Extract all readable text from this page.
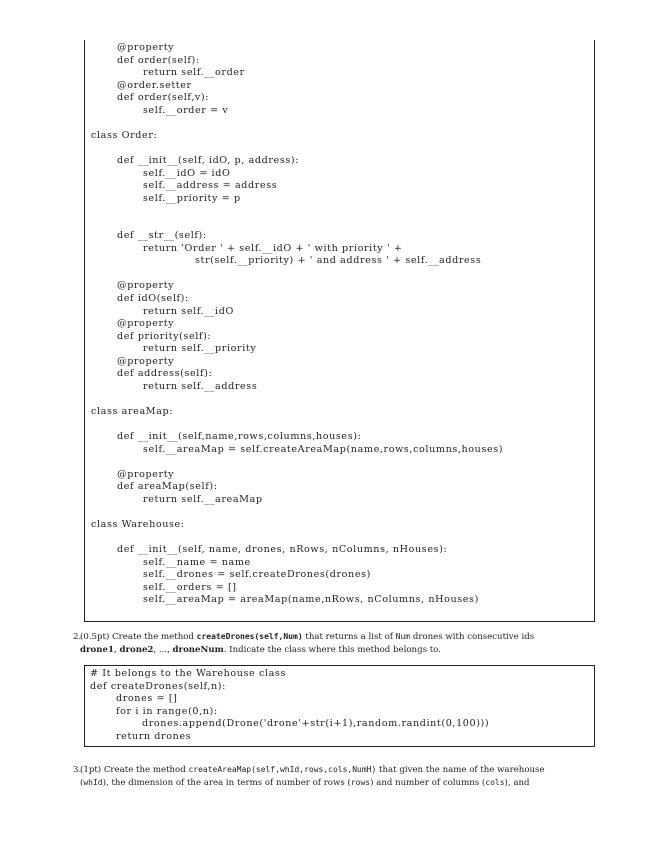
@property
def order(self):
return self.__order
@order.setter
def order(self,v):
self.__order = v
class Order:
def __init__(self, idO, p, address):
self.__idO = idO
self.__address = address
self.__priority = p
def __str__(self):
return 'Order ' + self.__idO + ' with priority ' +
str(self.__priority) + ' and address ' + self.__address
@property
def idO(self):
return self.__idO
@property
def priority(self):
return self.__priority
@property
def address(self):
return self.__address
class areaMap:
def __init__(self,name,rows,columns,houses):
self.__areaMap = self.createAreaMap(name,rows,columns,houses)
@property
def areaMap(self):
return self.__areaMap
class Warehouse:
def __init__(self, name, drones, nRows, nColumns, nHouses):
self.__name = name
self.__drones = self.createDrones(drones)
self.__orders = []
self.__areaMap = areaMap(name,nRows, nColumns, nHouses)
2.
(0.5pt) Create the method createDrones(self,Num) that returns a list of Num drones with consecutive ids
drone1, drone2, ..., droneNum. Indicate the class where this method belongs to.
# It belongs to the Warehouse class
def createDrones(self,n):
drones = []
for i in range(0,n):
drones.append(Drone('drone'+str(i+1),random.randint(0,100)))
return drones
3.
(1pt) Create the method createAreaMap(self,whId,rows,cols,NumH) that given the name of the warehouse
(whId), the dimension of the area in terms of number of rows (rows) and number of columns (cols), and
